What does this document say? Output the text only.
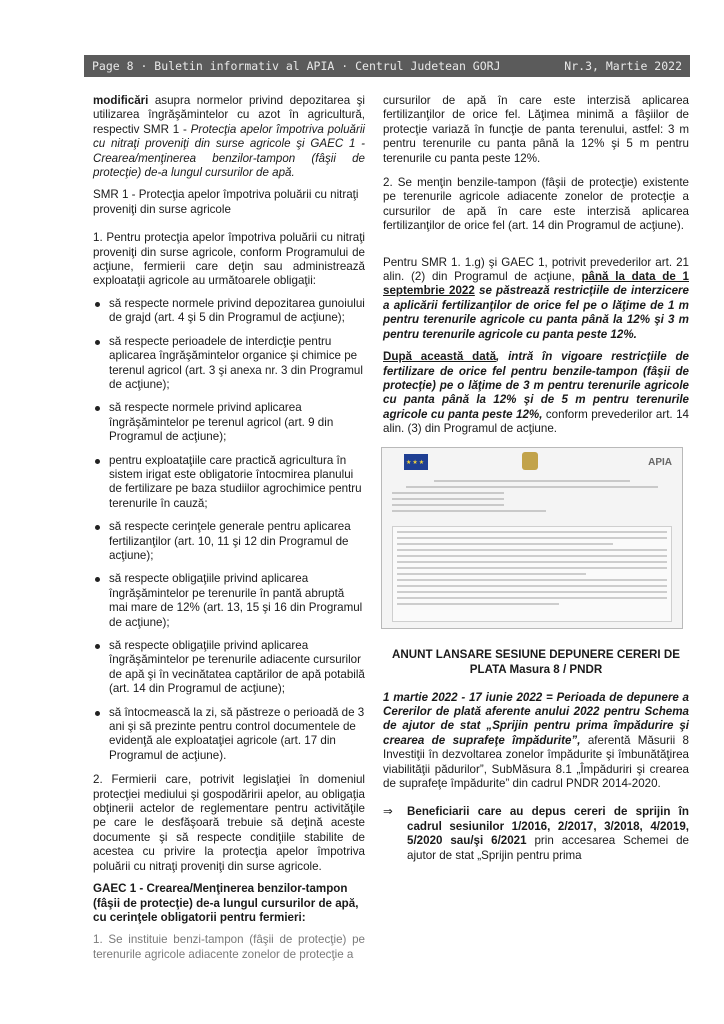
Page 8 · Buletin informativ al APIA · Centrul Judetean GORJ	Nr.3, Martie 2022

modificări asupra normelor privind depozitarea şi utilizarea îngrăşămintelor cu azot în agricultură, respectiv SMR 1 - Protecţia apelor împotriva poluării cu nitraţi proveniţi din surse agricole şi GAEC 1 - Crearea/menţinerea benzilor-tampon (fâşii de protecţie) de-a lungul cursurilor de apă.

SMR 1 - Protecţia apelor împotriva poluării cu nitraţi proveniţi din surse agricole

1. Pentru protecţia apelor împotriva poluării cu nitraţi proveniţi din surse agricole, conform Programului de acţiune, fermierii care deţin sau administrează exploataţii agricole au următoarele obligaţii:

să respecte normele privind depozitarea gunoiului de grajd (art. 4 şi 5 din Programul de acţiune);
să respecte perioadele de interdicţie pentru aplicarea îngrăşămintelor organice şi chimice pe terenul agricol (art. 3 şi anexa nr. 3 din Programul de acţiune);
să respecte normele privind aplicarea îngrăşămintelor pe terenul agricol (art. 9 din Programul de acţiune);
pentru exploataţiile care practică agricultura în sistem irigat este obligatorie întocmirea planului de fertilizare pe baza studiilor agrochimice pentru terenurile în cauză;
să respecte cerinţele generale pentru aplicarea fertilizanţilor (art. 10, 11 şi 12 din Programul de acţiune);
să respecte obligaţiile privind aplicarea îngrăşămintelor pe terenurile în pantă abruptă mai mare de 12% (art. 13, 15 şi 16 din Programul de acţiune);
să respecte obligaţiile privind aplicarea îngrăşămintelor pe terenurile adiacente cursurilor de apă şi în vecinătatea captărilor de apă potabilă (art. 14 din Programul de acţiune);
să întocmească la zi, să păstreze o perioadă de 3 ani şi să prezinte pentru control documentele de evidenţă ale exploataţiei agricole (art. 17 din Programul de acţiune).

2. Fermierii care, potrivit legislaţiei în domeniul protecţiei mediului şi gospodăririi apelor, au obligaţia obţinerii actelor de reglementare pentru activităţile pe care le desfăşoară trebuie să deţină aceste documente şi să respecte condiţiile stabilite de acestea cu privire la protecţia apelor împotriva poluării cu nitraţi proveniţi din surse agricole.

GAEC 1 - Crearea/Menţinerea benzilor-tampon (fâşii de protecţie) de-a lungul cursurilor de apă, cu cerinţele obligatorii pentru fermieri:

1. Se instituie benzi-tampon (fâşii de protecţie) pe terenurile agricole adiacente zonelor de protecţie a

cursurilor de apă în care este interzisă aplicarea fertilizanţilor de orice fel. Lăţimea minimă a fâşiilor de protecţie variază în funcţie de panta terenului, astfel: 3 m pentru terenurile cu panta până la 12% şi 5 m pentru terenurile cu panta peste 12%.

2. Se menţin benzile-tampon (fâşii de protecţie) existente pe terenurile agricole adiacente zonelor de protecţie a cursurilor de apă în care este interzisă aplicarea fertilizanţilor de orice fel (art. 14 din Programul de acţiune).

Pentru SMR 1. 1.g) şi GAEC 1, potrivit prevederilor art. 21 alin. (2) din Programul de acţiune, până la data de 1 septembrie 2022 se păstrează restricţiile de interzicere a aplicării fertilizanţilor de orice fel pe o lăţime de 1 m pentru terenurile agricole cu panta până la 12% şi 3 m pentru terenurile agricole cu panta peste 12%.

După această dată, intră în vigoare restricţiile de fertilizare de orice fel pentru benzile-tampon (fâşii de protecţie) pe o lăţime de 3 m pentru terenurile agricole cu panta până la 12% şi de 5 m pentru terenurile agricole cu panta peste 12%, conform prevederilor art. 14 alin. (3) din Programul de acţiune.

★★★
APIA

ANUNT LANSARE SESIUNE DEPUNERE CERERI DE PLATA Masura 8 / PNDR

1 martie 2022 - 17 iunie 2022 = Perioada de depunere a Cererilor de plată aferente anului 2022 pentru Schema de ajutor de stat „Sprijin pentru prima împădurire şi crearea de suprafeţe împădurite”, aferentă Măsurii 8 Investiţii în dezvoltarea zonelor împădurite şi îmbunătăţirea viabilităţii pădurilor”, SubMăsura 8.1 „Împăduriri şi crearea de suprafeţe împădurite” din cadrul PNDR 2014-2020.

⇒ Beneficiarii care au depus cereri de sprijin în cadrul sesiunilor 1/2016, 2/2017, 3/2018, 4/2019, 5/2020 sau/şi 6/2021 prin accesarea Schemei de ajutor de stat „Sprijin pentru prima
